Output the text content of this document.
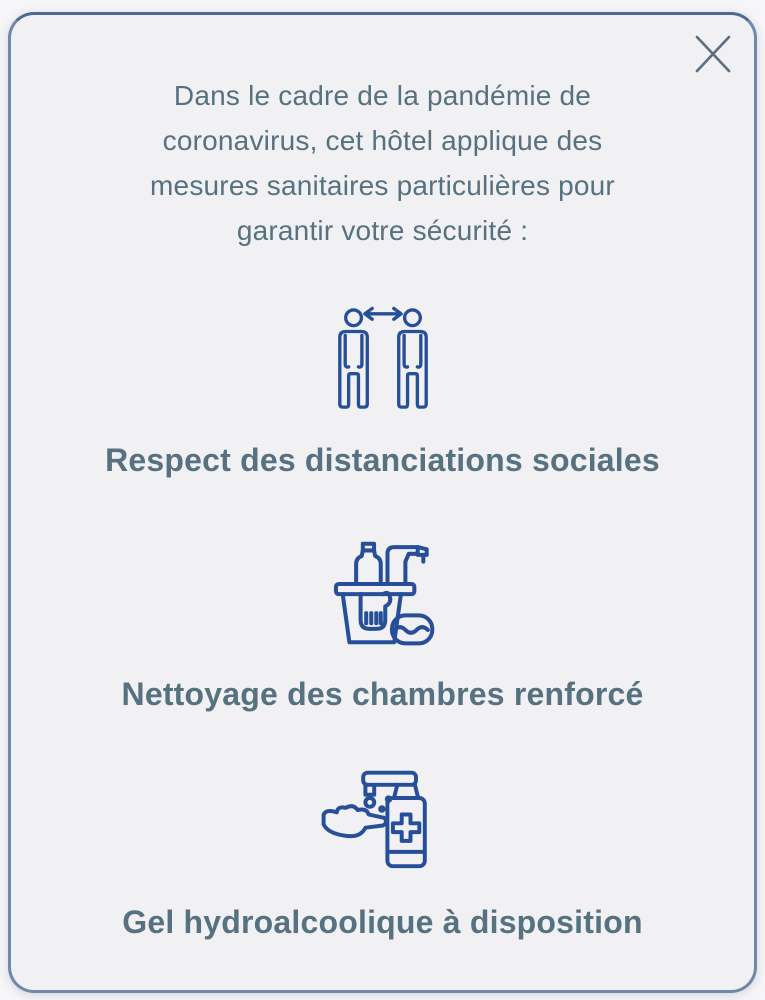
Dans le cadre de la pandémie de
coronavirus, cet hôtel applique des
mesures sanitaires particulières pour
garantir votre sécurité :
Respect des distanciations sociales
Nettoyage des chambres renforcé
Gel hydroalcoolique à disposition
